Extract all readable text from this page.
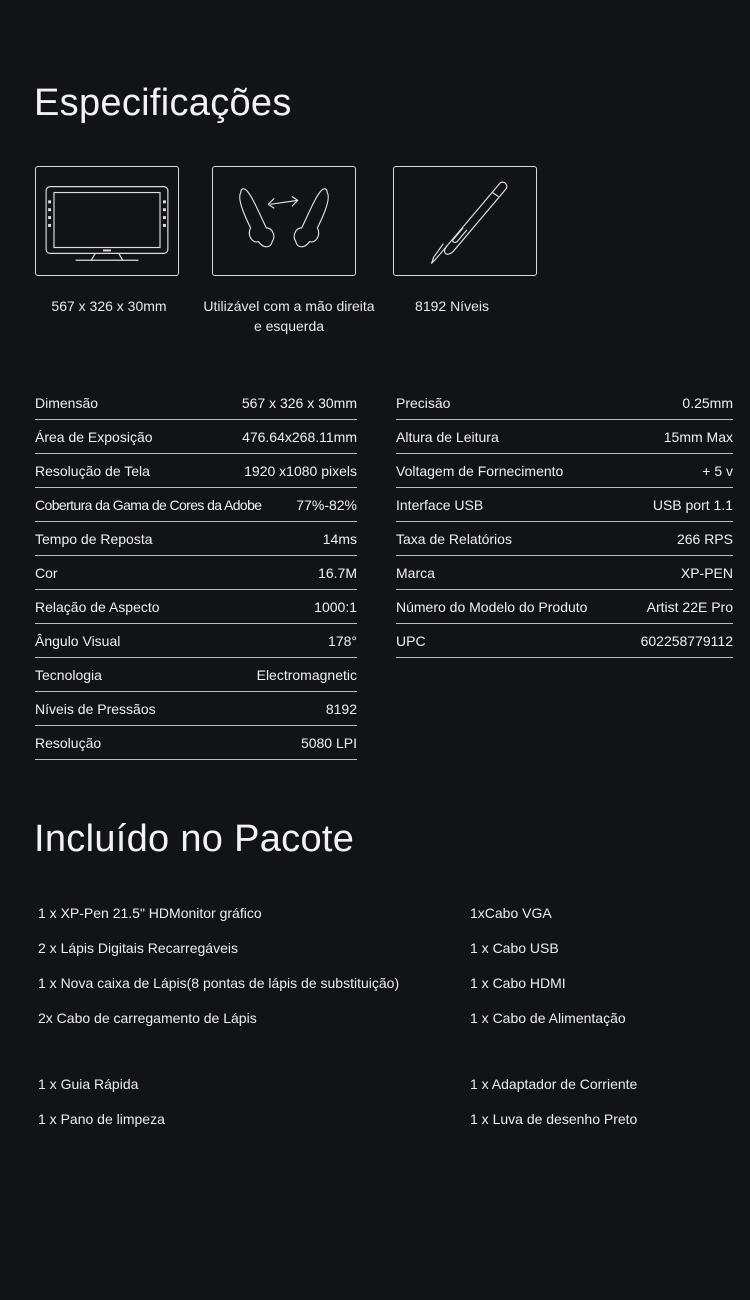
Especificações
567 x 326 x 30mm	Utilizável com a mão direita
e esquerda
8192 Níveis
Dimensão	567 x 326 x 30mm
Área de Exposição	476.64x268.11mm
Resolução de Tela	1920 x1080 pixels
Cobertura da Gama de Cores da Adobe 77%-82%
Tempo de Reposta	14ms
Cor	16.7M
Relação de Aspecto	1000:1
Ângulo Visual	178°
Tecnologia	Electromagnetic
Níveis de Pressãos	8192
Resolução	5080 LPI
Precisão	0.25mm
Altura de Leitura	15mm Max
Voltagem de Fornecimento	+ 5 v
Interface USB	USB port 1.1
Taxa de Relatórios	266 RPS
Marca	XP-PEN
Número do Modelo do Produto	Artist 22E Pro
UPC	602258779112
Incluído no Pacote
1 x XP-Pen 21.5" HDMonitor gráfico
2 x Lápis Digitais Recarregáveis
1 x Nova caixa de Lápis(8 pontas de lápis de substituição)
2x Cabo de carregamento de Lápis
1 x Guia Rápida
1 x Pano de limpeza
1xCabo VGA
1 x Cabo USB
1 x Cabo HDMI
1 x Cabo de Alimentação
1 x Adaptador de Corriente
1 x Luva de desenho Preto
